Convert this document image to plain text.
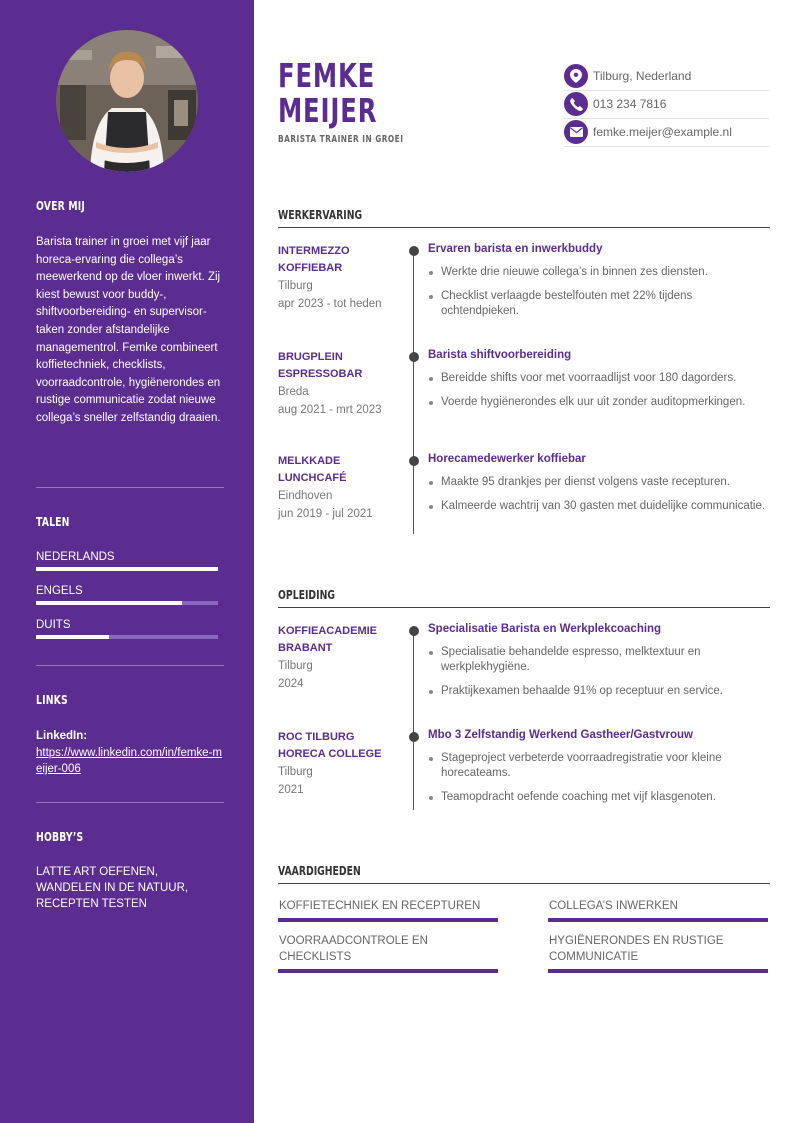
OVER MIJ
Barista trainer in groei met vijf jaar horeca-ervaring die collega’s meewerkend op de vloer inwerkt. Zij kiest bewust voor buddy-, shiftvoorbereiding- en supervisor-taken zonder afstandelijke managementrol. Femke combineert koffietechniek, checklists, voorraadcontrole, hygiënerondes en rustige communicatie zodat nieuwe collega’s sneller zelfstandig draaien.
TALEN
NEDERLANDS
ENGELS
DUITS
LINKS
LinkedIn:
https://www.linkedin.com/in/femke-meijer-006
HOBBY’S
LATTE ART OEFENEN, WANDELEN IN DE NATUUR, RECEPTEN TESTEN
FEMKE
MEIJER
BARISTA TRAINER IN GROEI
Tilburg, Nederland
013 234 7816
femke.meijer@example.nl
WERKERVARING
INTERMEZZO KOFFIEBAR
Tilburg
apr 2023 - tot heden
Ervaren barista en inwerkbuddy
Werkte drie nieuwe collega’s in binnen zes diensten.
Checklist verlaagde bestelfouten met 22% tijdens ochtendpieken.
BRUGPLEIN ESPRESSOBAR
Breda
aug 2021 - mrt 2023
Barista shiftvoorbereiding
Bereidde shifts voor met voorraadlijst voor 180 dagorders.
Voerde hygiënerondes elk uur uit zonder auditopmerkingen.
MELKKADE LUNCHCAFÉ
Eindhoven
jun 2019 - jul 2021
Horecamedewerker koffiebar
Maakte 95 drankjes per dienst volgens vaste recepturen.
Kalmeerde wachtrij van 30 gasten met duidelijke communicatie.
OPLEIDING
KOFFIEACADEMIE BRABANT
Tilburg
2024
Specialisatie Barista en Werkplekcoaching
Specialisatie behandelde espresso, melktextuur en werkplekhygiëne.
Praktijkexamen behaalde 91% op receptuur en service.
ROC TILBURG HORECA COLLEGE
Tilburg
2021
Mbo 3 Zelfstandig Werkend Gastheer/Gastvrouw
Stageproject verbeterde voorraadregistratie voor kleine horecateams.
Teamopdracht oefende coaching met vijf klasgenoten.
VAARDIGHEDEN
KOFFIETECHNIEK EN RECEPTUREN	COLLEGA’S INWERKEN
VOORRAADCONTROLE EN CHECKLISTS
HYGIËNERONDES EN RUSTIGE COMMUNICATIE
